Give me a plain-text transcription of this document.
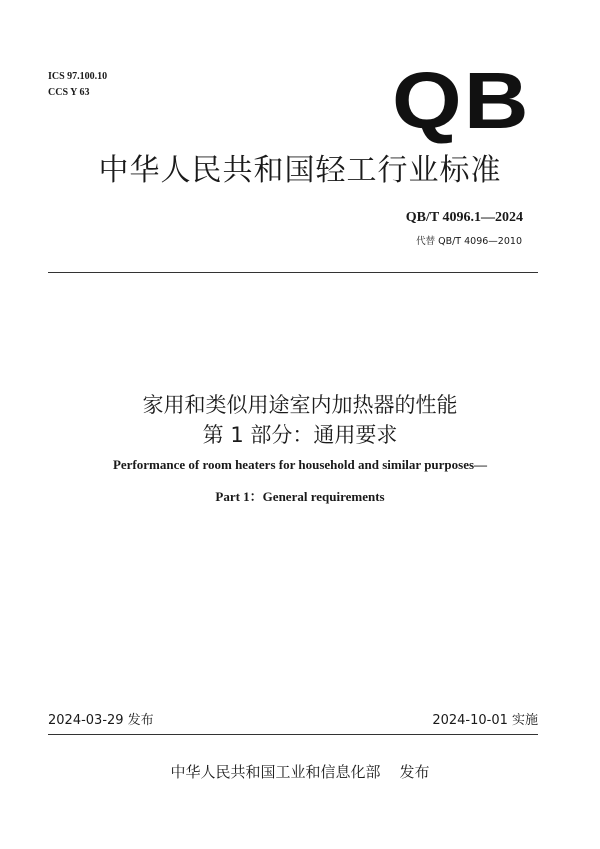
ICS 97.100.10
CCS Y 63	QB
中华人民共和国轻工行业标准
QB/T 4096.1—2024
代替 QB/T 4096—2010
家用和类似用途室内加热器的性能
第 1 部分：通用要求
Performance of room heaters for household and similar purposes—
Part 1：General requirements
2024-03-29 发布	2024-10-01 实施
中华人民共和国工业和信息化部    发布
